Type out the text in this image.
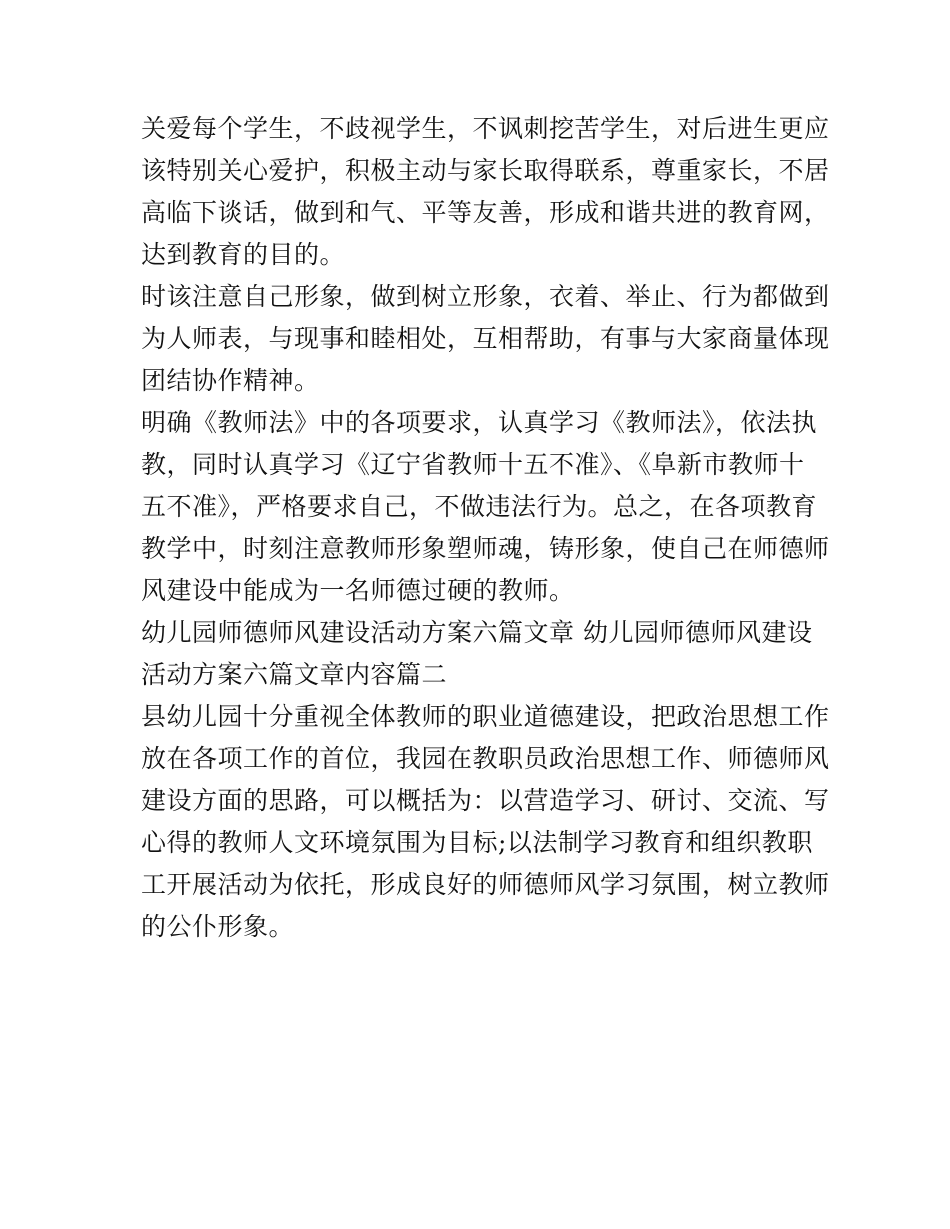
关爱每个学生，不歧视学生，不讽刺挖苦学生，对后进生更应
该特别关心爱护，积极主动与家长取得联系，尊重家长，不居
高临下谈话，做到和气、平等友善，形成和谐共进的教育网，
达到教育的目的。
时该注意自己形象，做到树立形象，衣着、举止、行为都做到
为人师表，与现事和睦相处，互相帮助，有事与大家商量体现
团结协作精神。
明确《教师法》中的各项要求，认真学习《教师法》，依法执
教，同时认真学习《辽宁省教师十五不准》、《阜新市教师十
五不准》，严格要求自己，不做违法行为。总之，在各项教育
教学中，时刻注意教师形象塑师魂，铸形象，使自己在师德师
风建设中能成为一名师德过硬的教师。
幼儿园师德师风建设活动方案六篇文章 幼儿园师德师风建设
活动方案六篇文章内容篇二
县幼儿园十分重视全体教师的职业道德建设，把政治思想工作
放在各项工作的首位，我园在教职员政治思想工作、师德师风
建设方面的思路，可以概括为：以营造学习、研讨、交流、写
心得的教师人文环境氛围为目标;以法制学习教育和组织教职
工开展活动为依托，形成良好的师德师风学习氛围，树立教师
的公仆形象。
